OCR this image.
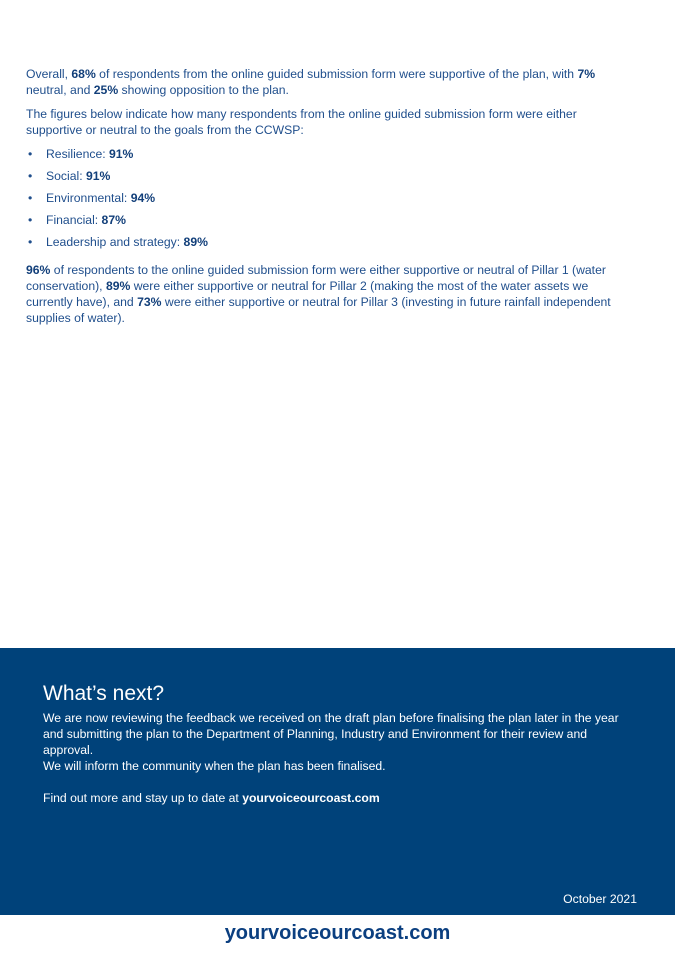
Overall, 68% of respondents from the online guided submission form were supportive of the plan, with 7% neutral, and 25% showing opposition to the plan.

The figures below indicate how many respondents from the online guided submission form were either supportive or neutral to the goals from the CCWSP:

• Resilience: 91%
• Social: 91%
• Environmental: 94%
• Financial: 87%
• Leadership and strategy: 89%

96% of respondents to the online guided submission form were either supportive or neutral of Pillar 1 (water conservation), 89% were either supportive or neutral for Pillar 2 (making the most of the water assets we currently have), and 73% were either supportive or neutral for Pillar 3 (investing in future rainfall independent supplies of water).

What’s next?

We are now reviewing the feedback we received on the draft plan before finalising the plan later in the year and submitting the plan to the Department of Planning, Industry and Environment for their review and approval.

We will inform the community when the plan has been finalised.

Find out more and stay up to date at yourvoiceourcoast.com

October 2021
yourvoiceourcoast.com
